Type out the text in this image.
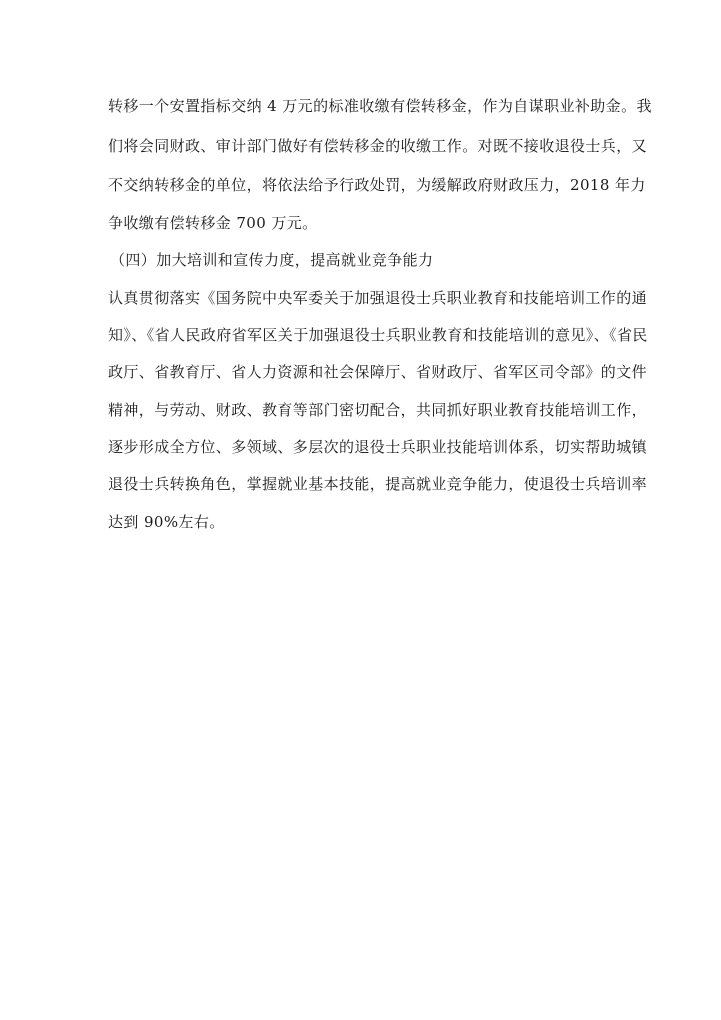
转移一个安置指标交纳 4 万元的标准收缴有偿转移金，作为自谋职业补助金。我
们将会同财政、审计部门做好有偿转移金的收缴工作。对既不接收退役士兵，又
不交纳转移金的单位，将依法给予行政处罚，为缓解政府财政压力，2018 年力
争收缴有偿转移金 700 万元。
（四）加大培训和宣传力度，提高就业竞争能力
认真贯彻落实《国务院中央军委关于加强退役士兵职业教育和技能培训工作的通
知》、《省人民政府省军区关于加强退役士兵职业教育和技能培训的意见》、《省民
政厅、省教育厅、省人力资源和社会保障厅、省财政厅、省军区司令部》的文件
精神，与劳动、财政、教育等部门密切配合，共同抓好职业教育技能培训工作，
逐步形成全方位、多领域、多层次的退役士兵职业技能培训体系，切实帮助城镇
退役士兵转换角色，掌握就业基本技能，提高就业竞争能力，使退役士兵培训率
达到 90%左右。
